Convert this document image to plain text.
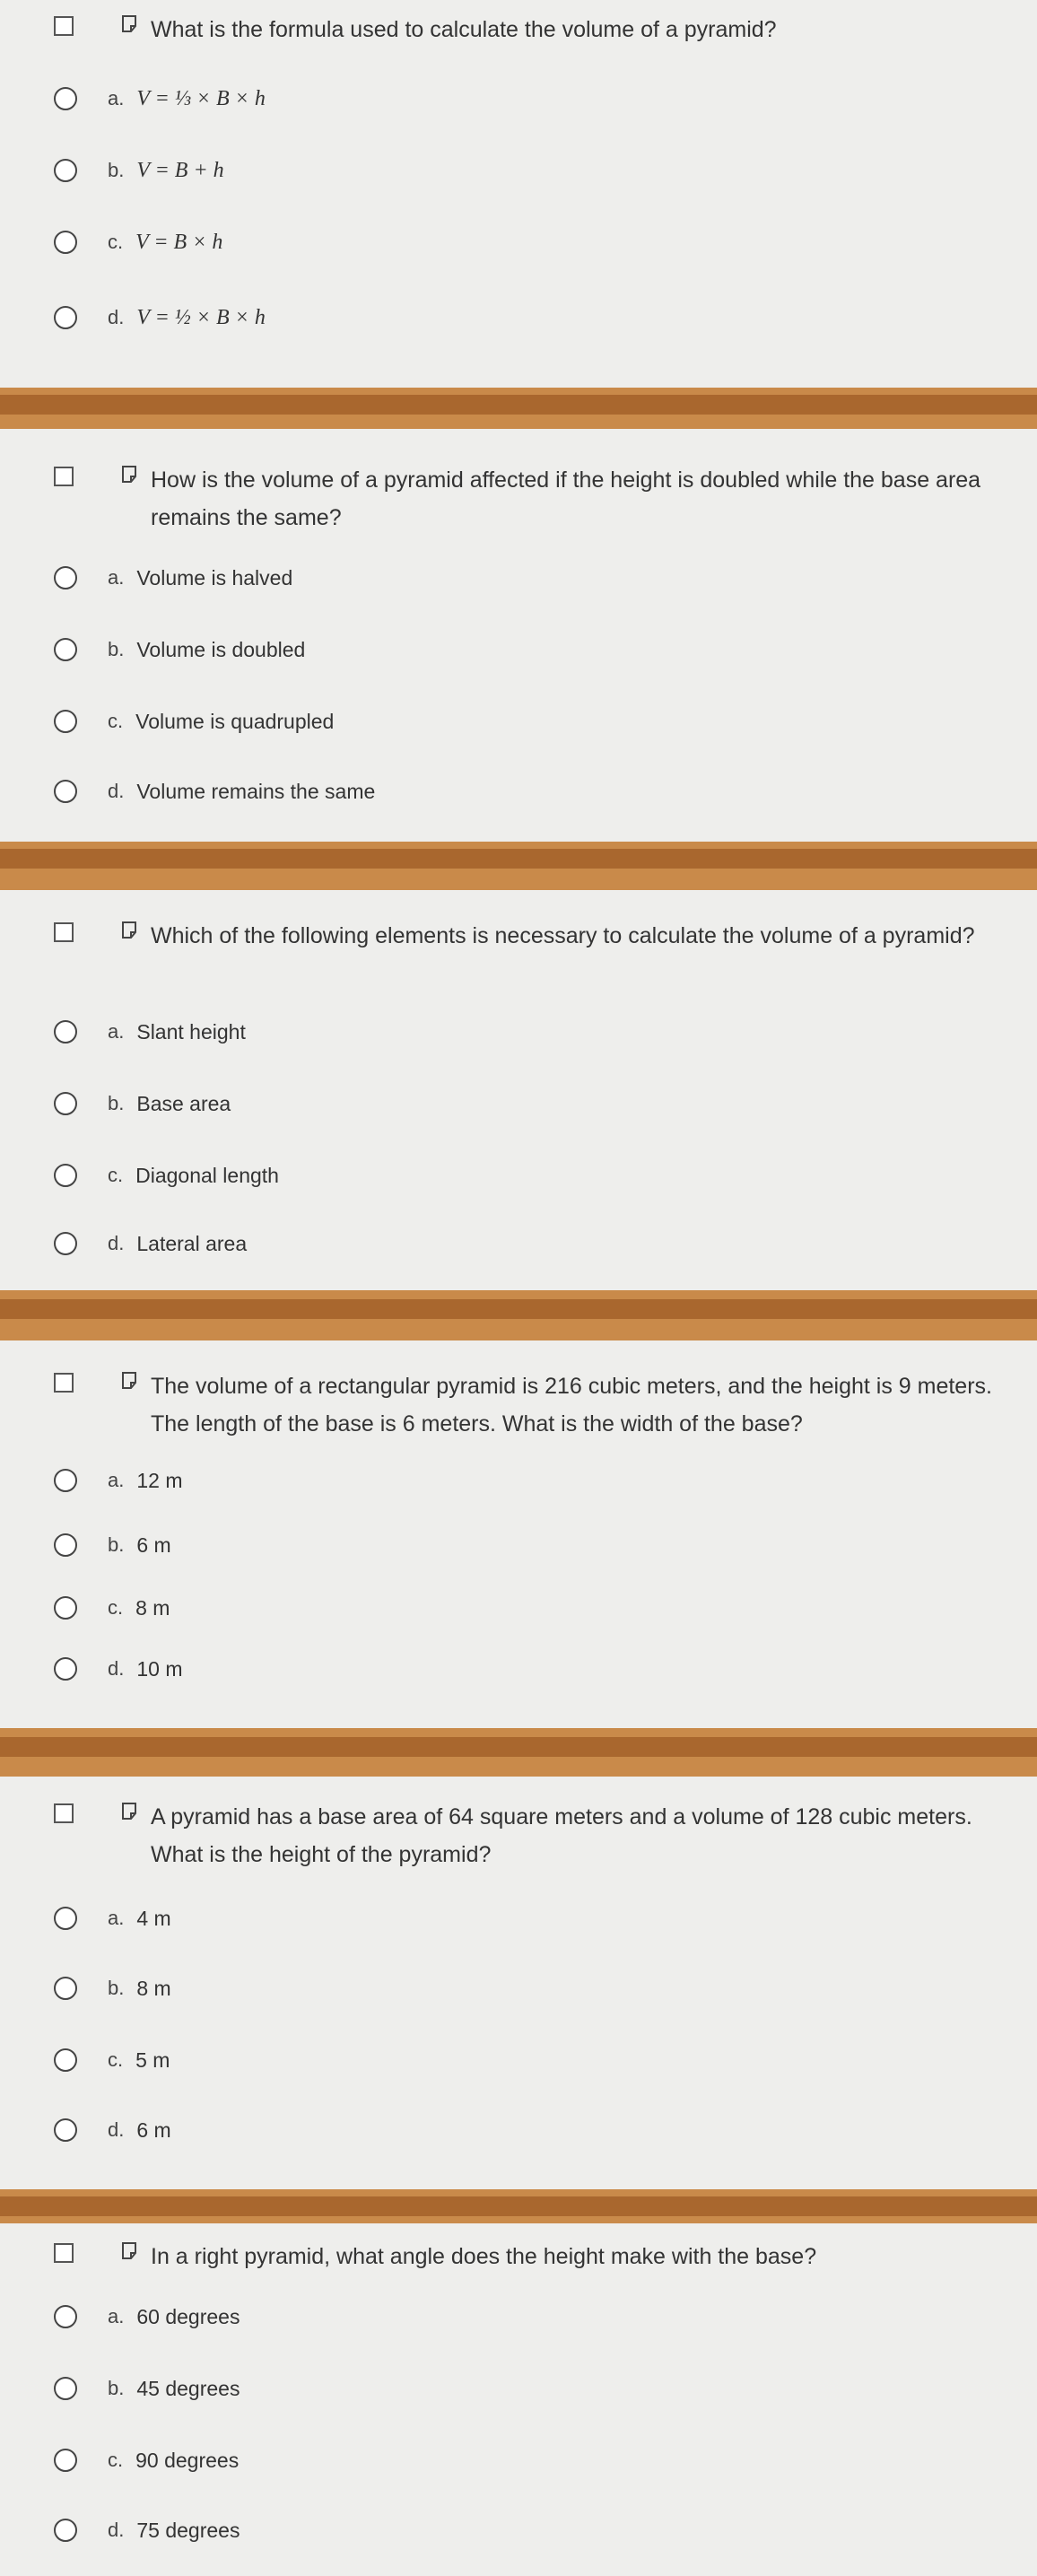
What is the formula used to calculate the volume of a pyramid?
a. V = ⅓ × B × h
b. V = B + h
c. V = B × h
d. V = ½ × B × h
How is the volume of a pyramid affected if the height is doubled while the base area remains the same?
a. Volume is halved
b. Volume is doubled
c. Volume is quadrupled
d. Volume remains the same
Which of the following elements is necessary to calculate the volume of a pyramid?
a. Slant height
b. Base area
c. Diagonal length
d. Lateral area
The volume of a rectangular pyramid is 216 cubic meters, and the height is 9 meters. The length of the base is 6 meters. What is the width of the base?
a. 12 m
b. 6 m
c. 8 m
d. 10 m
A pyramid has a base area of 64 square meters and a volume of 128 cubic meters. What is the height of the pyramid?
a. 4 m
b. 8 m
c. 5 m
d. 6 m
In a right pyramid, what angle does the height make with the base?
a. 60 degrees
b. 45 degrees
c. 90 degrees
d. 75 degrees
